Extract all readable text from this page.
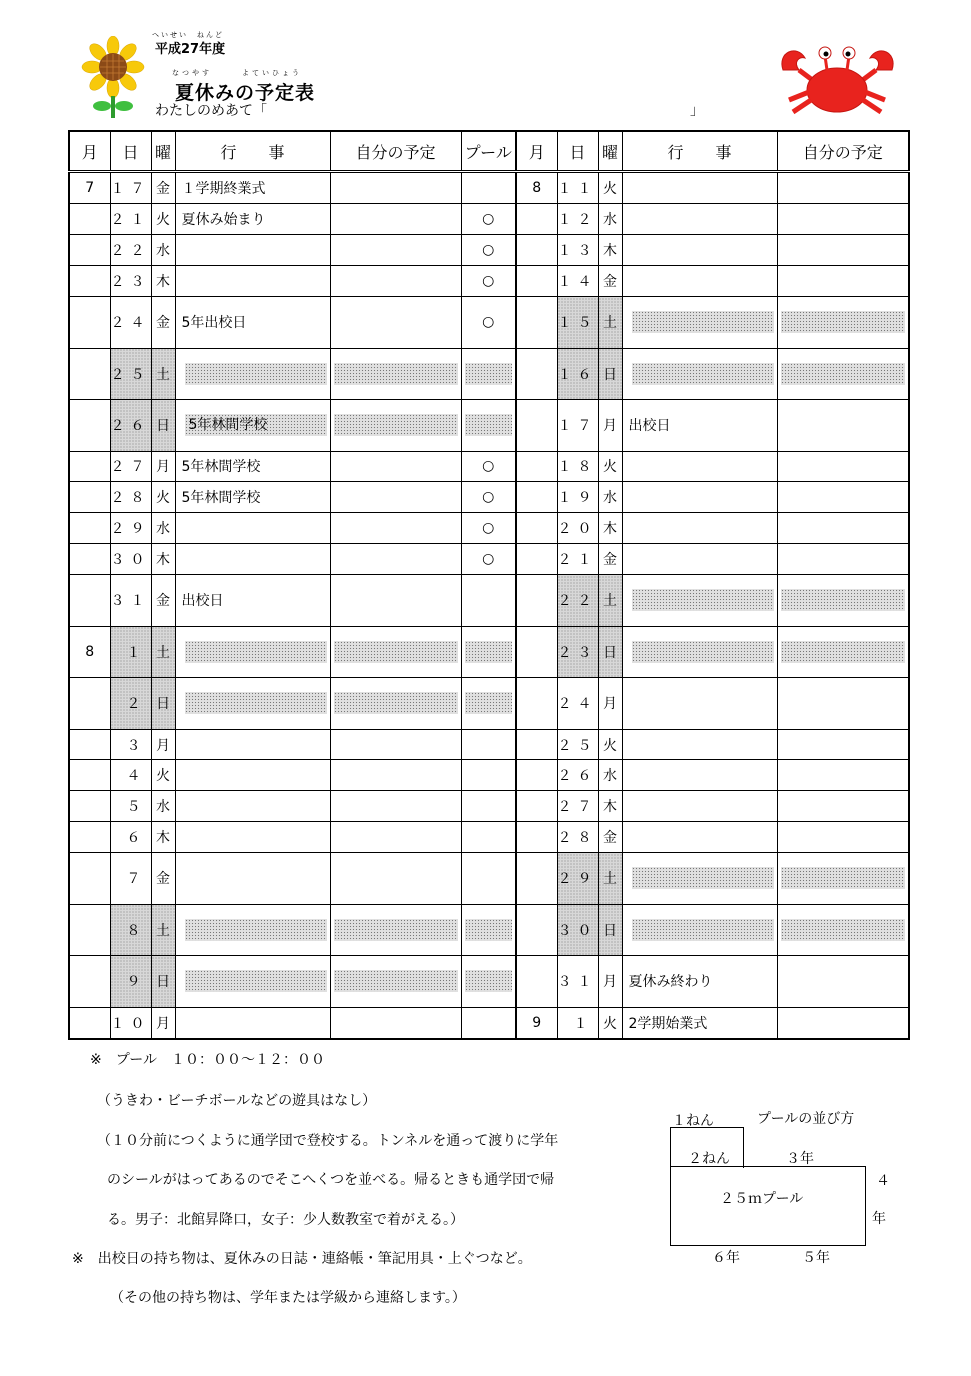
へいせい　ねんど
平成27年度
なつやす　　　よていひょう
夏休みの予定表
わたしのめあて「	」
月	日	曜	行　　事	自分の予定	プール	月	日	曜	行　　事	自分の予定
7	１７	金	１学期終業式			8	１１	火		
	２１	火	夏休み始まり		○		１２	水		
	２２	水			○		１３	木		
	２３	木			○		１４	金		
	２４	金	5年出校日		○		１５	土	

	２５	土					１６	日	

	２６	日	5年林間学校				１７	月	出校日	
	２７	月	5年林間学校		○		１８	火		
	２８	火	5年林間学校		○		１９	水		
	２９	水			○		２０	木		
	３０	木			○		２１	金		
	３１	金	出校日				２２	土	

8	１	土					２３	日	

	２	日					２４	月		
	３	月					２５	火		
	４	火					２６	水		
	５	水					２７	木		
	６	木					２８	金		
	７	金					２９	土	

	８	土					３０	日	

	９	日					３１	月	夏休み終わり	
	１０	月				9	１	火	2学期始業式	
※　プール　１０：００～１２：００
（うきわ・ビーチボールなどの遊具はなし）
（１０分前につくように通学団で登校する。トンネルを通って渡りに学年
のシールがはってあるのでそこへくつを並べる。帰るときも通学団で帰
る。男子：北館昇降口，女子：少人数教室で着がえる。）
※　出校日の持ち物は、夏休みの日誌・連絡帳・筆記用具・上ぐつなど。
（その他の持ち物は、学年または学級から連絡します。）
プールの並び方
１ねん
２ねん	３年
２５ｍプール
４
年
６年	５年
